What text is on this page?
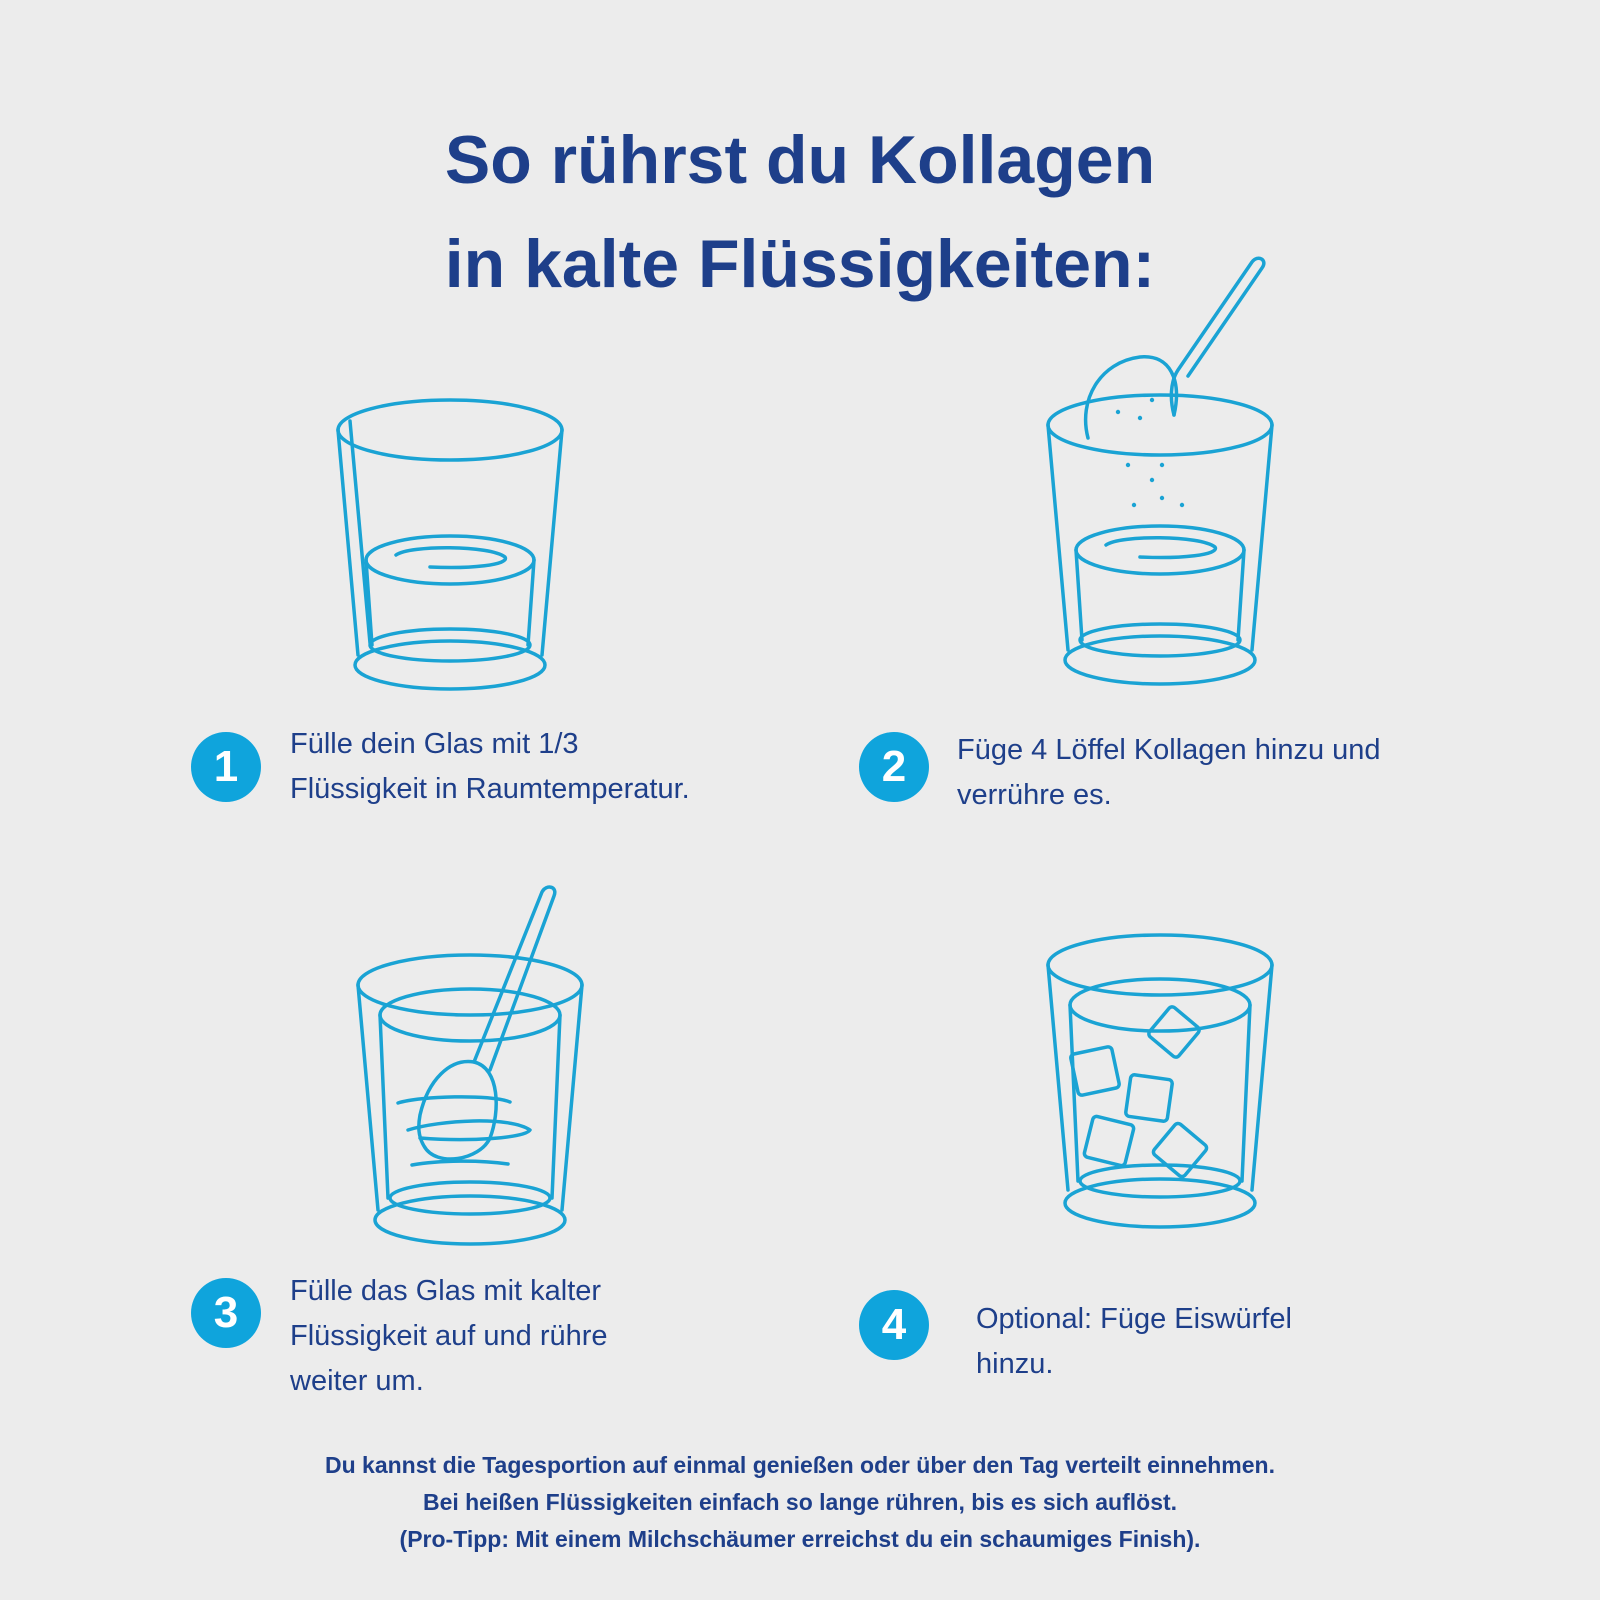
So rührst du Kollagen
in kalte Flüssigkeiten:
1	Fülle dein Glas mit 1/3
Flüssigkeit in Raumtemperatur.	2	Füge 4 Löffel Kollagen hinzu und
verrühre es.
3	Fülle das Glas mit kalter
Flüssigkeit auf und rühre
weiter um.
4	Optional: Füge Eiswürfel
hinzu.
Du kannst die Tagesportion auf einmal genießen oder über den Tag verteilt einnehmen.
Bei heißen Flüssigkeiten einfach so lange rühren, bis es sich auflöst.
(Pro-Tipp: Mit einem Milchschäumer erreichst du ein schaumiges Finish).
